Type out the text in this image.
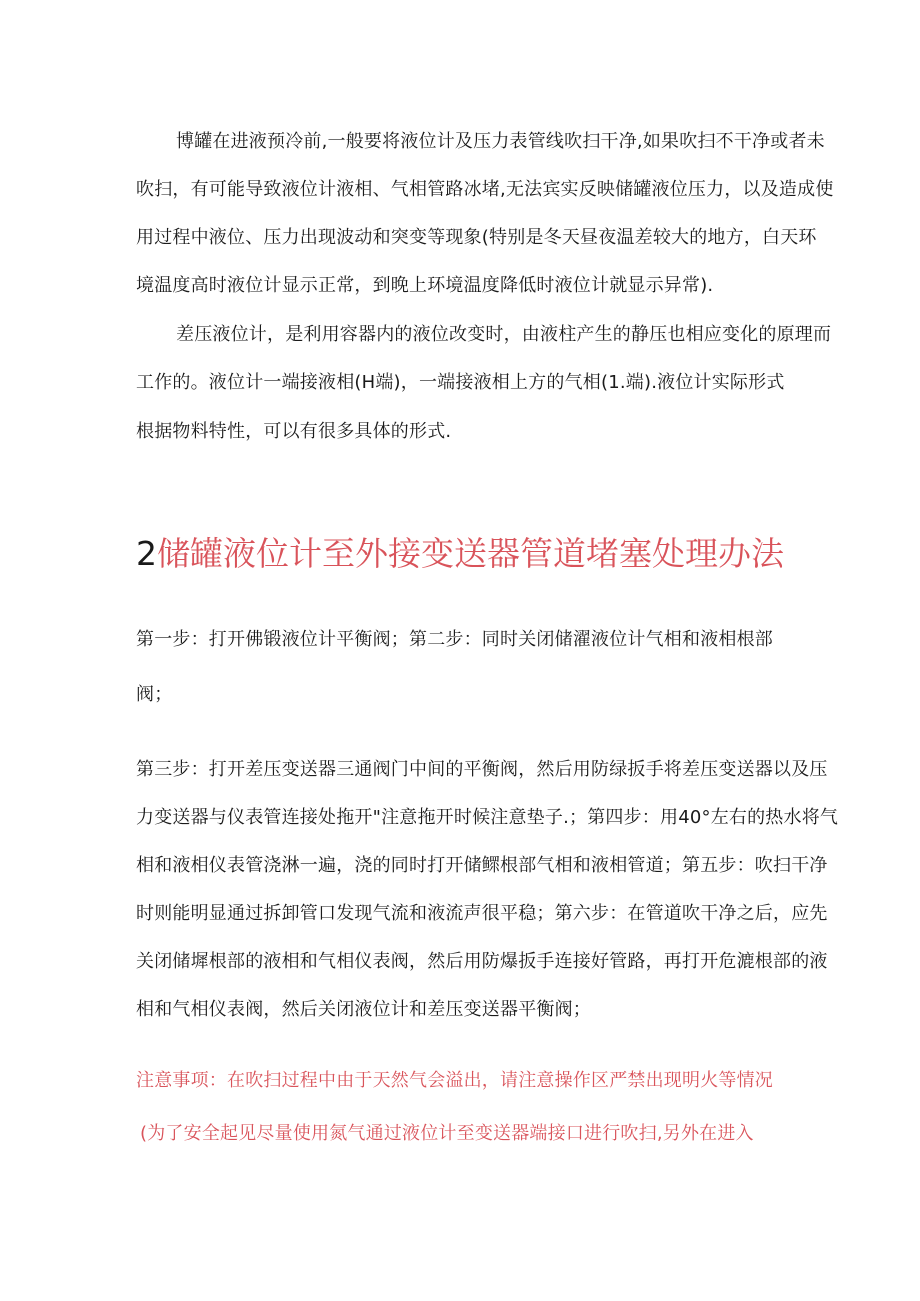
博罐在进液预冷前,一般要将液位计及压力表管线吹扫干净,如果吹扫不干净或者未

吹扫，有可能导致液位计液相、气相管路冰堵,无法宾实反映储罐液位压力，以及造成使

用过程中液位、压力出现波动和突变等现象(特别是冬天昼夜温差较大的地方，白天环

境温度高时液位计显示正常，到晚上环境温度降低时液位计就显示异常).

差压液位计，是利用容器内的液位改变时，由液柱产生的静压也相应变化的原理而

工作的。液位计一端接液相(H端)，一端接液相上方的气相(1.端).液位计实际形式

根据物料特性，可以有很多具体的形式.

2储罐液位计至外接变送器管道堵塞处理办法

第一步：打开佛锻液位计平衡阀；第二步：同时关闭储濯液位计气相和液相根部

阀；

第三步：打开差压变送器三通阀门中间的平衡阀，然后用防绿扳手将差压变送器以及压

力变送器与仪表管连接处拖开"注意拖开时候注意垫子.；第四步：用40°左右的热水将气

相和液相仪表管浇淋一遍，浇的同时打开储鳏根部气相和液相管道；第五步：吹扫干净

时则能明显通过拆卸管口发现气流和液流声很平稳；第六步：在管道吹干净之后，应先

关闭储墀根部的液相和气相仪表阀，然后用防爆扳手连接好管路，再打开危漉根部的液

相和气相仪表阀，然后关闭液位计和差压变送器平衡阀；

注意事项：在吹扫过程中由于天然气会溢出，请注意操作区严禁出现明火等情况

(为了安全起见尽量使用氮气通过液位计至变送器端接口进行吹扫,另外在进入
